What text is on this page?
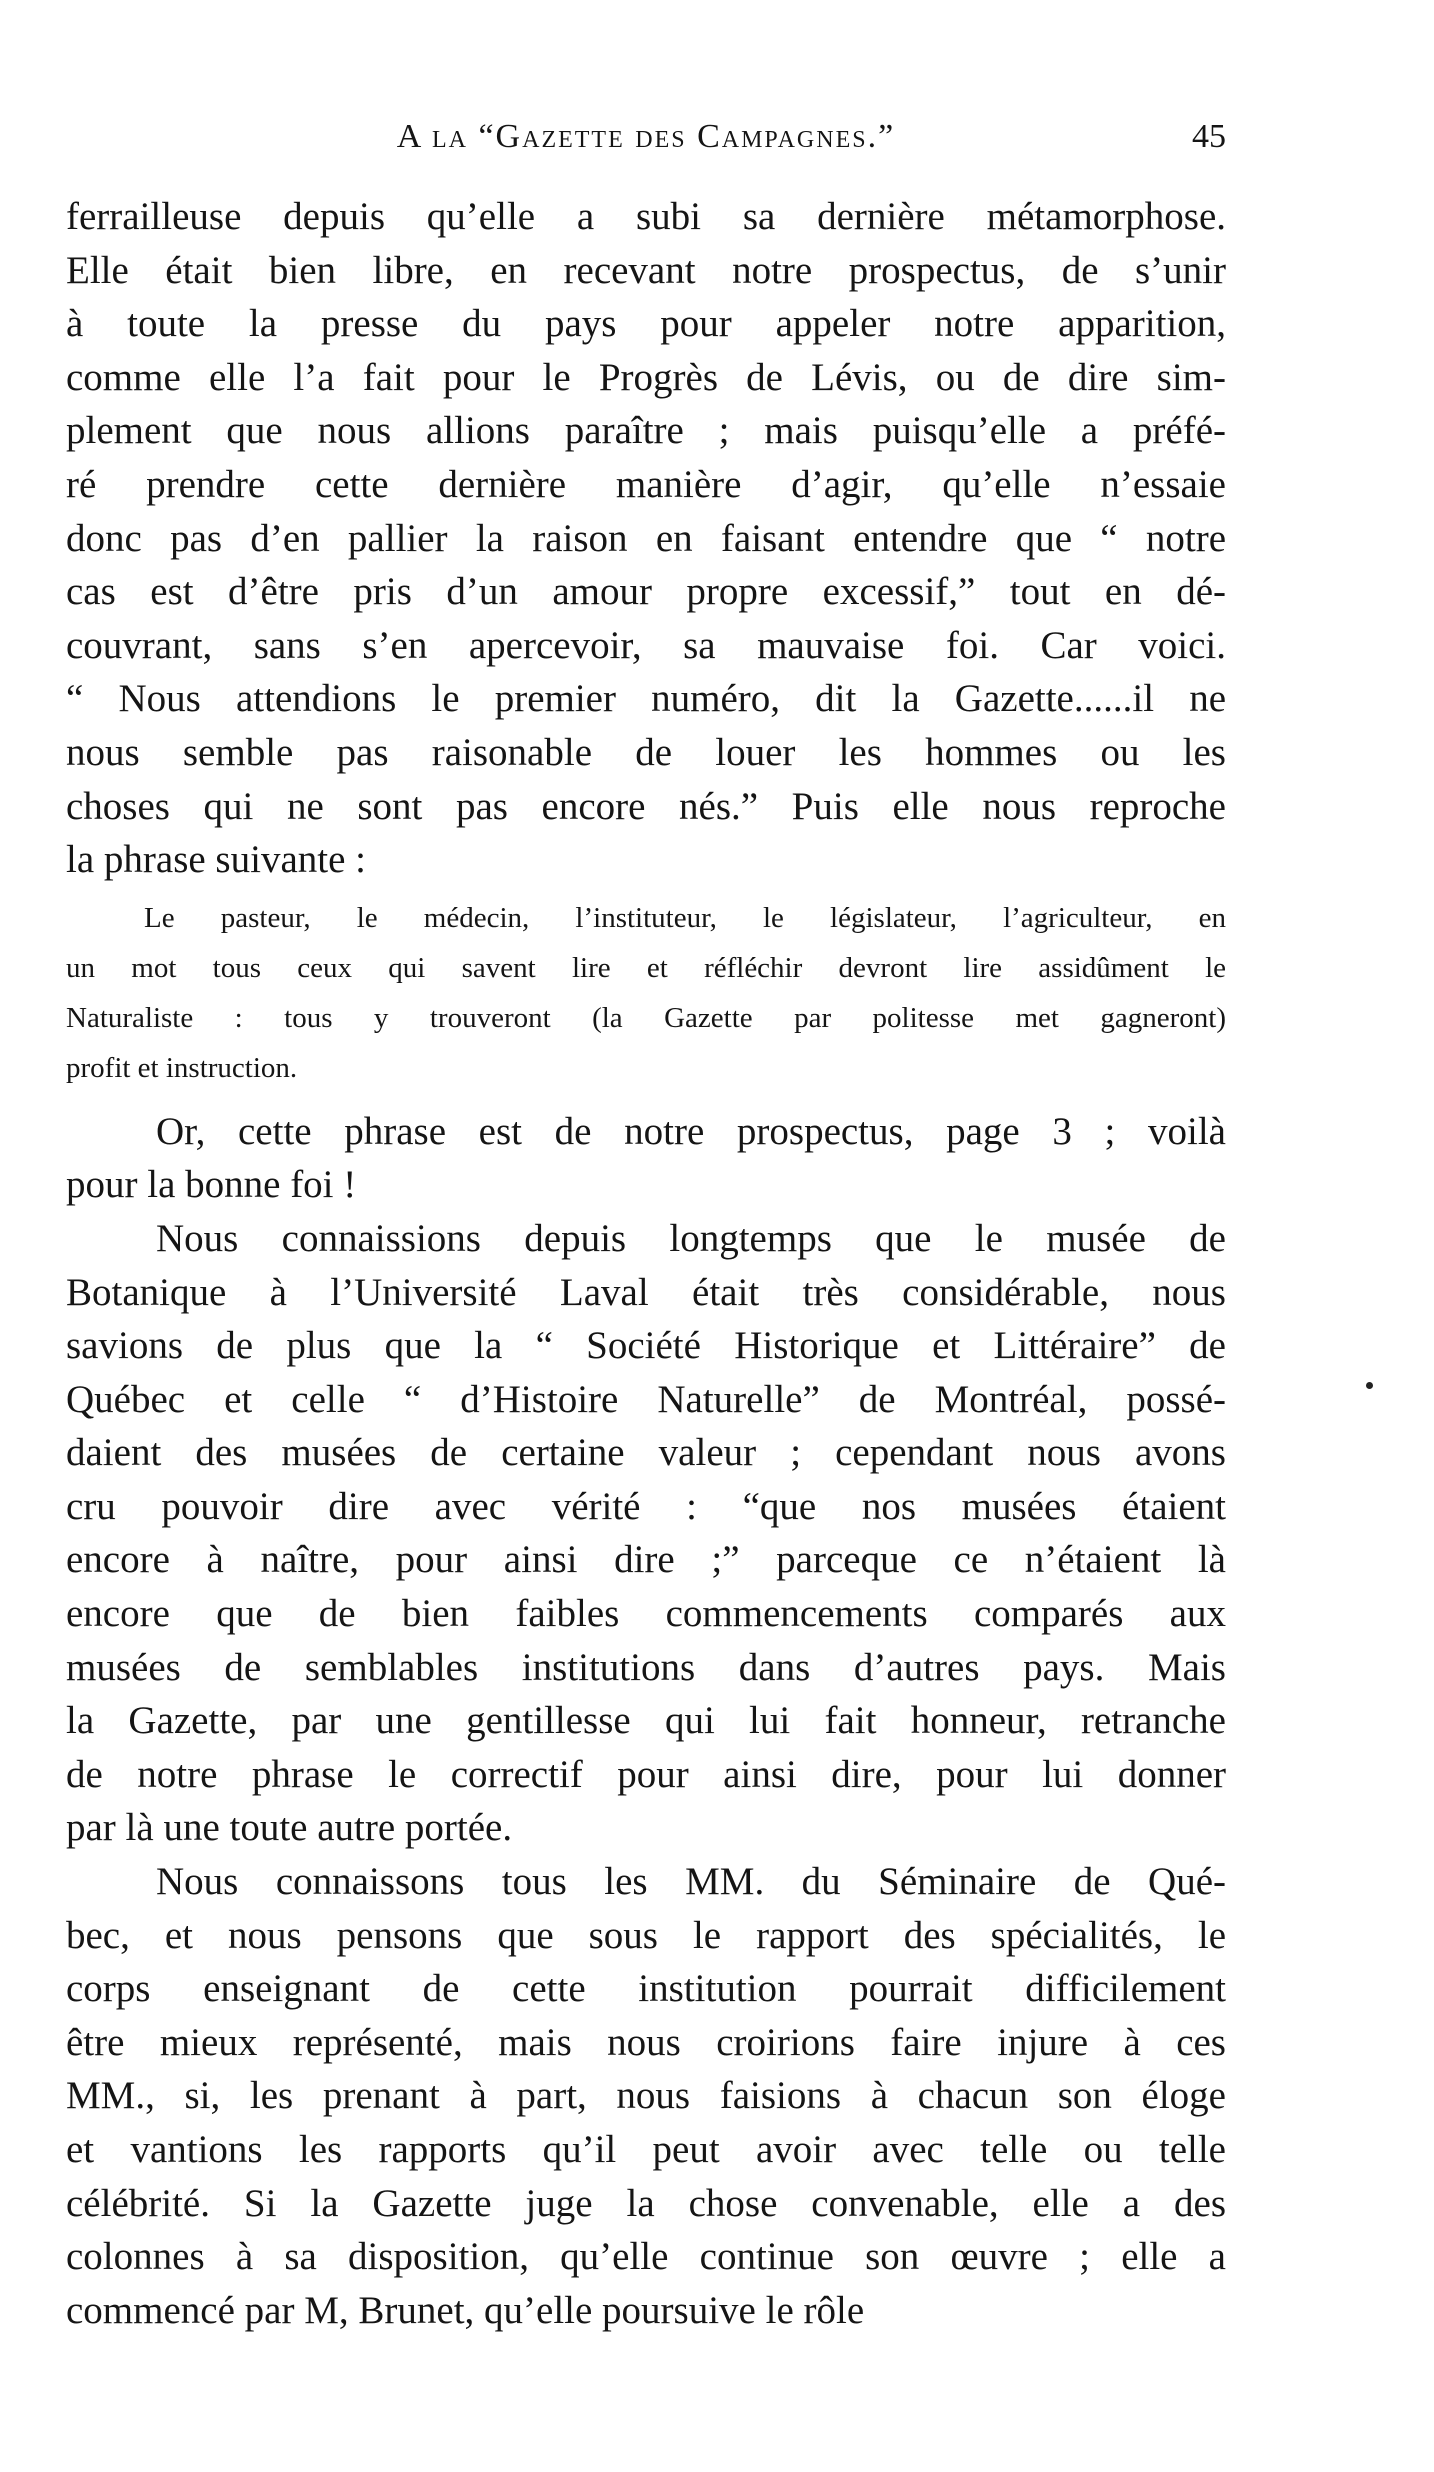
A la “Gazette des Campagnes.”	45
ferrailleuse depuis qu’elle a subi sa dernière métamorphose.
Elle était bien libre, en recevant notre prospectus, de s’unir
à toute la presse du pays pour appeler notre apparition,
comme elle l’a fait pour le Progrès de Lévis, ou de dire sim-
plement que nous allions paraître ; mais puisqu’elle a préfé-
ré prendre cette dernière manière d’agir, qu’elle n’essaie
donc pas d’en pallier la raison en faisant entendre que “ notre
cas est d’être pris d’un amour propre excessif,” tout en dé-
couvrant, sans s’en apercevoir, sa mauvaise foi. Car voici.
“ Nous attendions le premier numéro, dit la Gazette......il ne
nous semble pas raisonable de louer les hommes ou les
choses qui ne sont pas encore nés.” Puis elle nous reproche
la phrase suivante :
Le pasteur, le médecin, l’instituteur, le législateur, l’agriculteur, en
un mot tous ceux qui savent lire et réfléchir devront lire assidûment le
Naturaliste : tous y trouveront (la Gazette par politesse met gagneront)
profit et instruction.
Or, cette phrase est de notre prospectus, page 3 ; voilà
pour la bonne foi !
Nous connaissions depuis longtemps que le musée de
Botanique à l’Université Laval était très considérable, nous
savions de plus que la “ Société Historique et Littéraire” de
Québec et celle “ d’Histoire Naturelle” de Montréal, possé-
daient des musées de certaine valeur ; cependant nous avons
cru pouvoir dire avec vérité : “que nos musées étaient
encore à naître, pour ainsi dire ;” parceque ce n’étaient là
encore que de bien faibles commencements comparés aux
musées de semblables institutions dans d’autres pays. Mais
la Gazette, par une gentillesse qui lui fait honneur, retranche
de notre phrase le correctif pour ainsi dire, pour lui donner
par là une toute autre portée.
Nous connaissons tous les MM. du Séminaire de Qué-
bec, et nous pensons que sous le rapport des spécialités, le
corps enseignant de cette institution pourrait difficilement
être mieux représenté, mais nous croirions faire injure à ces
MM., si, les prenant à part, nous faisions à chacun son éloge
et vantions les rapports qu’il peut avoir avec telle ou telle
célébrité. Si la Gazette juge la chose convenable, elle a des
colonnes à sa disposition, qu’elle continue son œuvre ; elle a
commencé par M, Brunet, qu’elle poursuive le rôle
